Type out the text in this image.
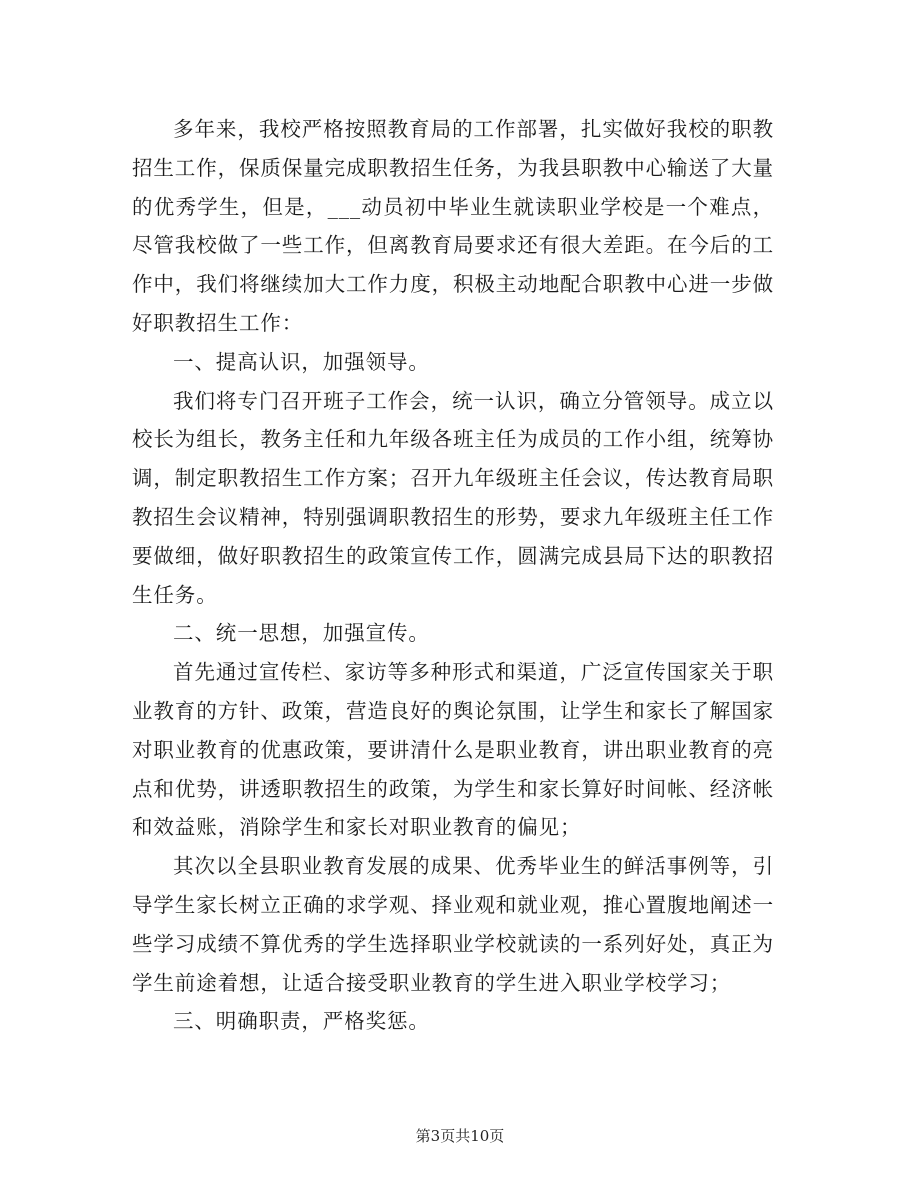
多年来，我校严格按照教育局的工作部署，扎实做好我校的职教招生工作，保质保量完成职教招生任务，为我县职教中心输送了大量的优秀学生，但是，___动员初中毕业生就读职业学校是一个难点，尽管我校做了一些工作，但离教育局要求还有很大差距。在今后的工作中，我们将继续加大工作力度，积极主动地配合职教中心进一步做好职教招生工作：

一、提高认识，加强领导。

我们将专门召开班子工作会，统一认识，确立分管领导。成立以校长为组长，教务主任和九年级各班主任为成员的工作小组，统筹协调，制定职教招生工作方案；召开九年级班主任会议，传达教育局职教招生会议精神，特别强调职教招生的形势，要求九年级班主任工作要做细，做好职教招生的政策宣传工作，圆满完成县局下达的职教招生任务。

二、统一思想，加强宣传。

首先通过宣传栏、家访等多种形式和渠道，广泛宣传国家关于职业教育的方针、政策，营造良好的舆论氛围，让学生和家长了解国家对职业教育的优惠政策，要讲清什么是职业教育，讲出职业教育的亮点和优势，讲透职教招生的政策，为学生和家长算好时间帐、经济帐和效益账，消除学生和家长对职业教育的偏见；

其次以全县职业教育发展的成果、优秀毕业生的鲜活事例等，引导学生家长树立正确的求学观、择业观和就业观，推心置腹地阐述一些学习成绩不算优秀的学生选择职业学校就读的一系列好处，真正为学生前途着想，让适合接受职业教育的学生进入职业学校学习；

三、明确职责，严格奖惩。

第3页共10页
